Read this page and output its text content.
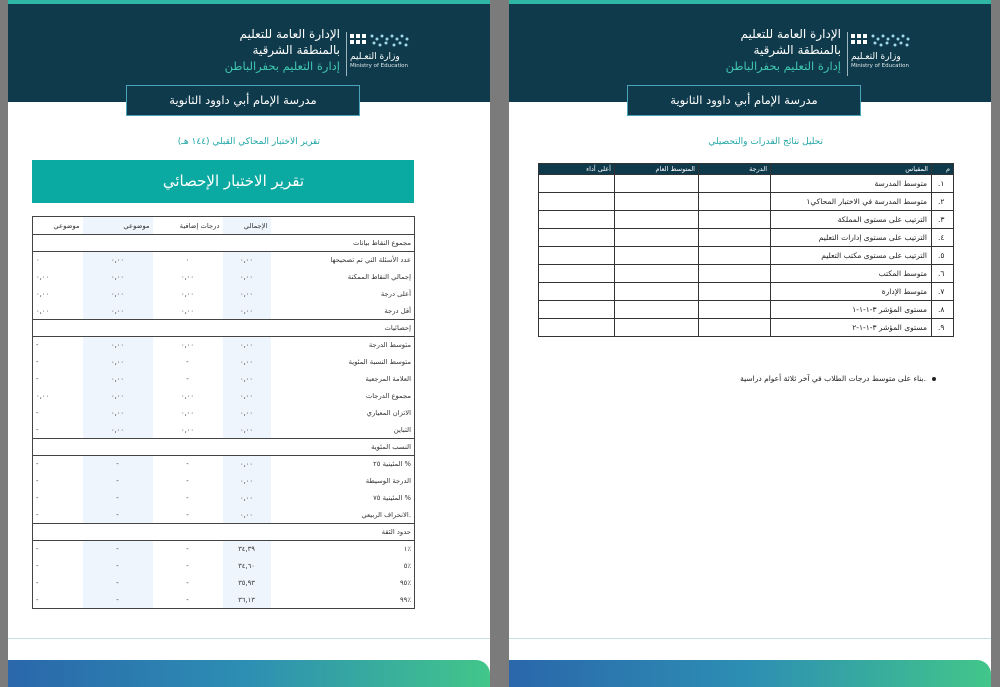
الإدارة العامة للتعليم
بالمنطقة الشرقية
إدارة التعليم بحفرالباطن
وزارة التعـليم
Ministry of Education
مدرسة الإمام أبي داوود الثانوية
تقرير الاختبار المحاكي القبلي (١٤٤ هـ)
تقرير الاختبار الإحصائي
موضوعي	موضوعي	درجات إضافية	الإجمالي	
مجموع النقاط بيانات				
٠	٠,٠٠	٠	٠,٠٠	عدد الأسئلة التي تم تصحيحها
٠,٠٠	٠,٠٠	٠,٠٠	٠,٠٠	إجمالي النقاط الممكنة
٠,٠٠	٠,٠٠	٠,٠٠	٠,٠٠	أعلى درجة
٠,٠٠	٠,٠٠	٠,٠٠	٠,٠٠	أقل درجة
إحصائيات				
-	٠,٠٠	٠,٠٠	٠,٠٠	متوسط الدرجة
-	٠,٠٠	-	٠,٠٠	متوسط النسبة المئوية
-	٠,٠٠	-	٠,٠٠	العلامة المرجعية
٠,٠٠	٠,٠٠	٠,٠٠	٠,٠٠	مجموع الدرجات
-	٠,٠٠	٠,٠٠	٠,٠٠	الاتزان المعياري
-	٠,٠٠	٠,٠٠	٠,٠٠	التباين
النسب المئوية				
-	-	-	٠,٠٠	المئينية ٢٥ %
-	-	-	٠,٠٠	الدرجة الوسيطة
-	-	-	٠,٠٠	المئينية ٧٥ %
-	-	-	٠,٠٠	الانحراف الربيعي.
حدود الثقة				
-	-	-	٣٤,٣٩	١٪
-	-	-	٣٤,٦٠	٥٪
-	-	-	٣٥,٩٣	٩٥٪
-	-	-	٣٦,١٣	٩٩٪
الإدارة العامة للتعليم
بالمنطقة الشرقية
إدارة التعليم بحفرالباطن
وزارة التعـليم
Ministry of Education
مدرسة الإمام أبي داوود الثانوية
تحليل نتائج القدرات والتحصيلي
أعلى أداء	المتوسط العام	الدرجة	المقياس	م
			متوسط المدرسة	.١
			متوسط المدرسة في الاختبار المحاكي١	.٢
			الترتيب على مستوى المملكة	.٣
			الترتيب على مستوى إدارات التعليم	.٤
			الترتيب على مستوى مكتب التعليم	.٥
			متوسط المكتب	.٦
			متوسط الإدارة	.٧
			مستوى المؤشر ٣-١-١-١	.٨
			مستوى المؤشر ٣-١-١-٢	.٩
بناء على متوسط درجات الطلاب في آخر ثلاثة أعوام دراسية.
